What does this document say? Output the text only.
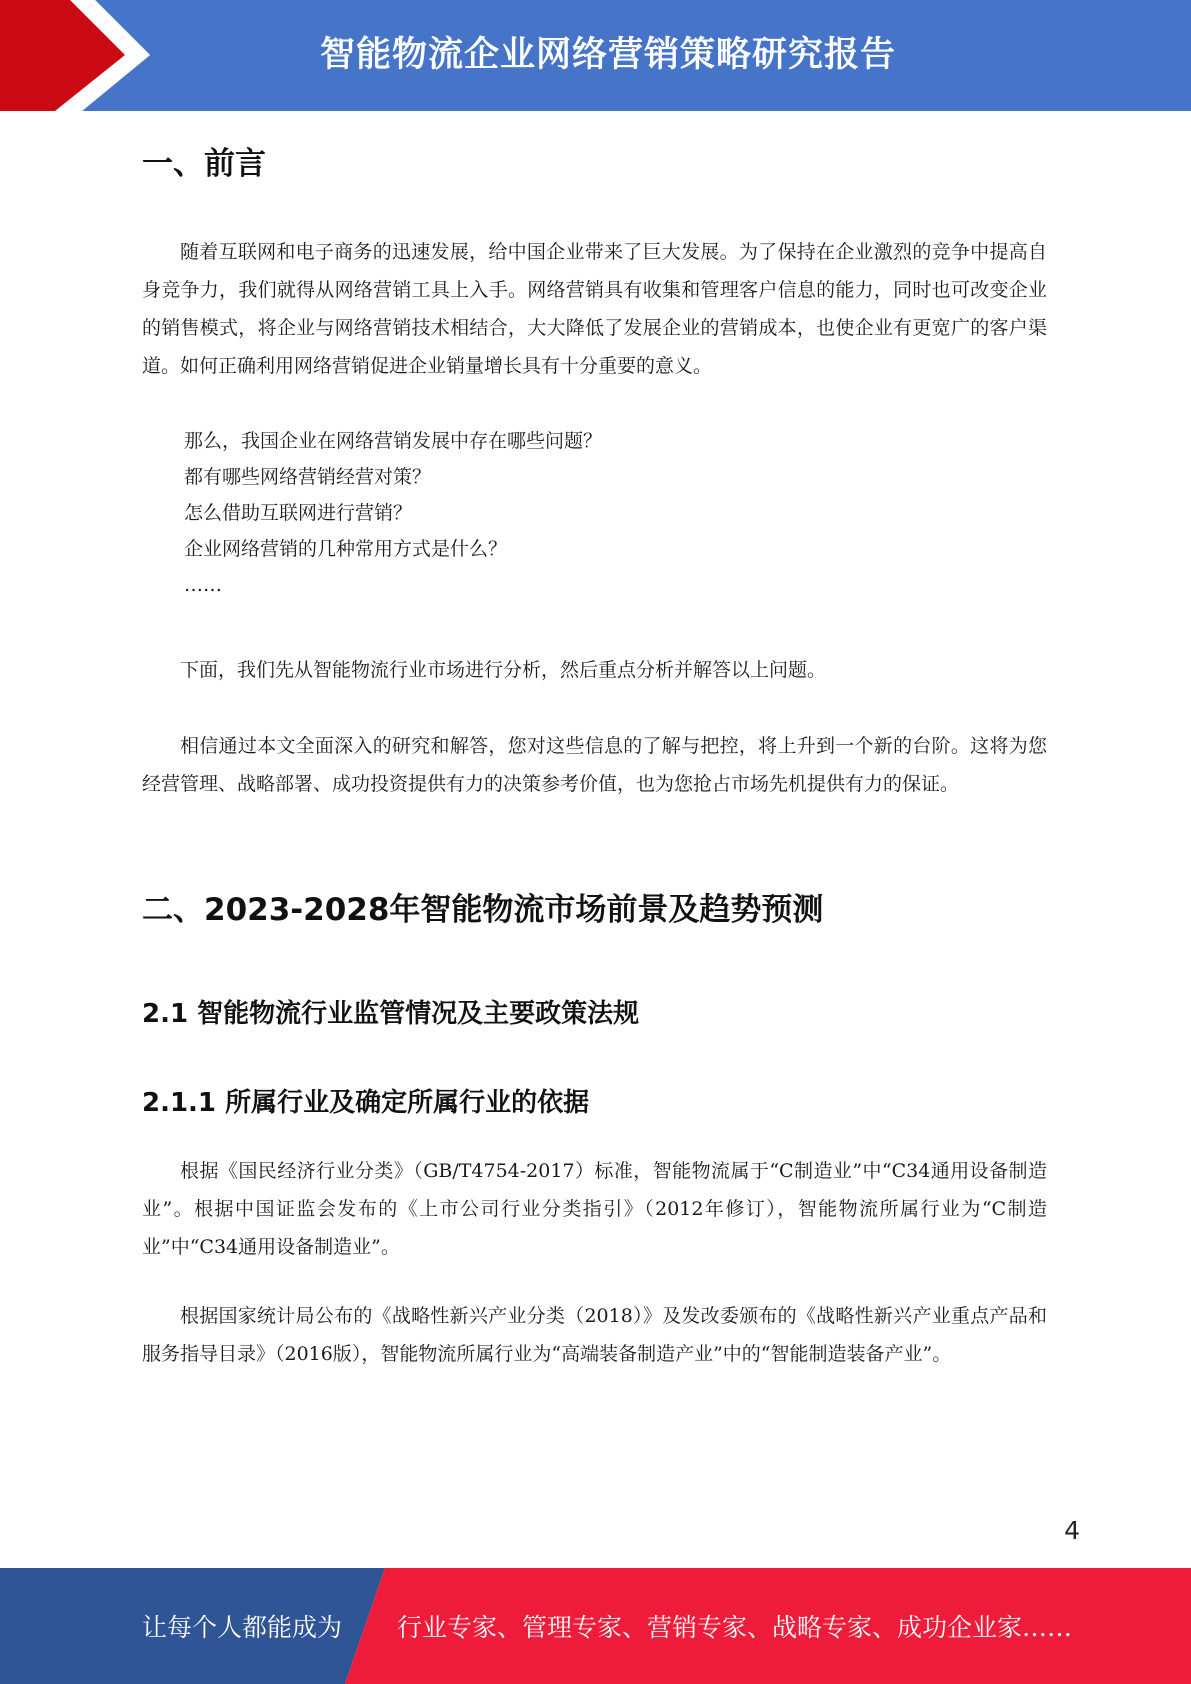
智能物流企业网络营销策略研究报告
一、前言

随着互联网和电子商务的迅速发展，给中国企业带来了巨大发展。为了保持在企业激烈的竞争中提高自身竞争力，我们就得从网络营销工具上入手。网络营销具有收集和管理客户信息的能力，同时也可改变企业的销售模式，将企业与网络营销技术相结合，大大降低了发展企业的营销成本，也使企业有更宽广的客户渠道。如何正确利用网络营销促进企业销量增长具有十分重要的意义。

那么，我国企业在网络营销发展中存在哪些问题？
都有哪些网络营销经营对策？
怎么借助互联网进行营销？
企业网络营销的几种常用方式是什么？
……

下面，我们先从智能物流行业市场进行分析，然后重点分析并解答以上问题。

相信通过本文全面深入的研究和解答，您对这些信息的了解与把控，将上升到一个新的台阶。这将为您经营管理、战略部署、成功投资提供有力的决策参考价值，也为您抢占市场先机提供有力的保证。

二、2023-2028年智能物流市场前景及趋势预测
2.1 智能物流行业监管情况及主要政策法规
2.1.1 所属行业及确定所属行业的依据

根据《国民经济行业分类》（GB/T4754-2017）标准，智能物流属于“C制造业”中“C34通用设备制造业”。根据中国证监会发布的《上市公司行业分类指引》（2012年修订），智能物流所属行业为“C制造业”中“C34通用设备制造业”。

根据国家统计局公布的《战略性新兴产业分类（2018）》及发改委颁布的《战略性新兴产业重点产品和服务指导目录》（2016版），智能物流所属行业为“高端装备制造产业”中的“智能制造装备产业”。

4
让每个人都能成为 行业专家、管理专家、营销专家、战略专家、成功企业家……
